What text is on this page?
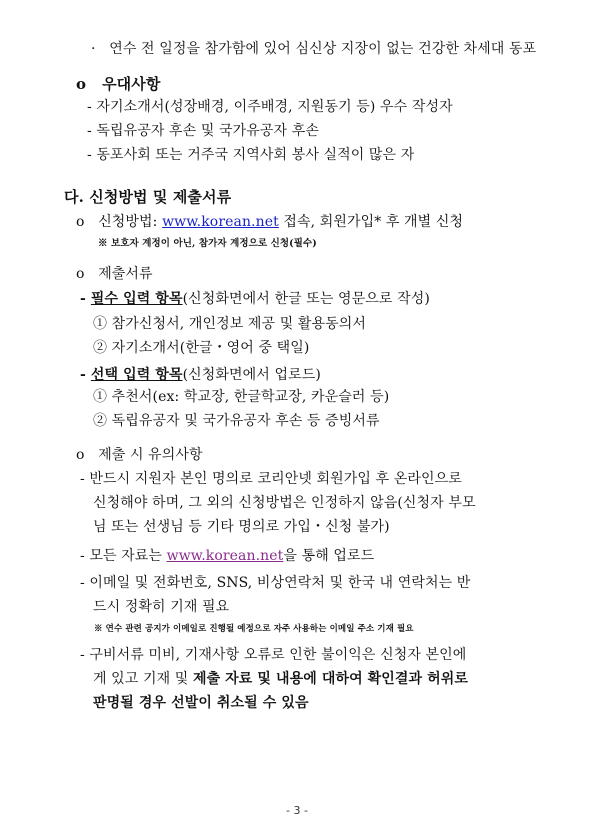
· 연수 전 일정을 참가함에 있어 심신상 지장이 없는 건강한 차세대 동포
o 우대사항
- 자기소개서(성장배경, 이주배경, 지원동기 등) 우수 작성자
- 독립유공자 후손 및 국가유공자 후손
- 동포사회 또는 거주국 지역사회 봉사 실적이 많은 자
다. 신청방법 및 제출서류
o 신청방법: www.korean.net 접속, 회원가입* 후 개별 신청
※ 보호자 계정이 아닌, 참가자 계정으로 신청(필수)
o 제출서류
- 필수 입력 항목(신청화면에서 한글 또는 영문으로 작성)
① 참가신청서, 개인정보 제공 및 활용동의서
② 자기소개서(한글・영어 중 택일)
- 선택 입력 항목(신청화면에서 업로드)
① 추천서(ex: 학교장, 한글학교장, 카운슬러 등)
② 독립유공자 및 국가유공자 후손 등 증빙서류
o 제출 시 유의사항
- 반드시 지원자 본인 명의로 코리안넷 회원가입 후 온라인으로
신청해야 하며, 그 외의 신청방법은 인정하지 않음(신청자 부모
님 또는 선생님 등 기타 명의로 가입・신청 불가)
- 모든 자료는 www.korean.net을 통해 업로드
- 이메일 및 전화번호, SNS, 비상연락처 및 한국 내 연락처는 반
드시 정확히 기재 필요
※ 연수 관련 공지가 이메일로 진행될 예정으로 자주 사용하는 이메일 주소 기재 필요
- 구비서류 미비, 기재사항 오류로 인한 불이익은 신청자 본인에
게 있고 기재 및 제출 자료 및 내용에 대하여 확인결과 허위로
판명될 경우 선발이 취소될 수 있음
- 3 -
